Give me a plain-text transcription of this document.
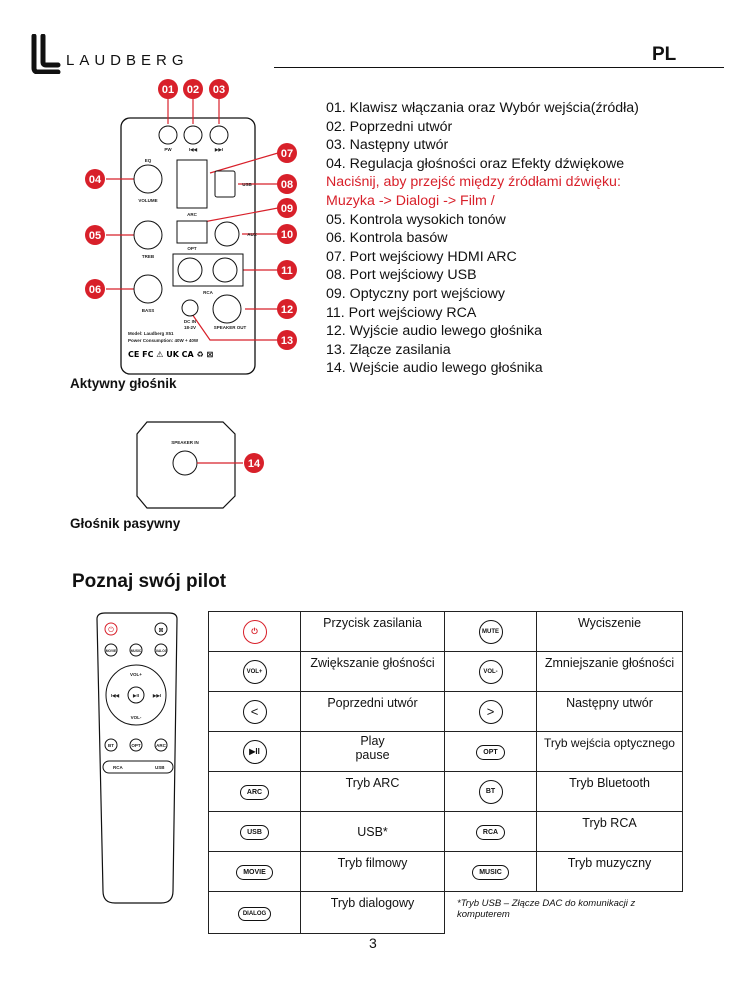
LAUDBERG	PL
PW	I◀◀	▶▶I
EQ
VOLUME
TREB
BASS
ARC
USB
OPT
AUX
RCA
DC IN
18-2V	SPEAKER OUT
Model: Laudberg X51
Power Consumption: 40W + 40W
CE FC ⚠ UK CA ♻ ⊠
01 02 03
04
05
06
07
08
09
10
11
12
13
01. Klawisz włączania oraz Wybór wejścia(źródła)
02. Poprzedni utwór
03. Następny utwór
04. Regulacja głośności oraz Efekty dźwiękowe
Naciśnij, aby przejść między źródłami dźwięku:
Muzyka -> Dialogi -> Film /
05. Kontrola wysokich tonów
06. Kontrola basów
07. Port wejściowy HDMI ARC
08. Port wejściowy USB
09. Optyczny port wejściowy
11. Port wejściowy RCA
12. Wyjście audio lewego głośnika
13. Złącze zasilania
14. Wejście audio lewego głośnika
Aktywny głośnik
SPEAKER IN
14
Głośnik pasywny
Poznaj swój pilot
⏻	⊠
MOVIE	MUSIC	DIALOG
VOL+
VOL-
I◀◀	▶II	▶▶I
BT	OPT	ARC
RCA	USB
⏻	Przycisk zasilania	MUTE	Wyciszenie
VOL+	Zwiększanie głośności	VOL-	Zmniejszanie głośności
<	Poprzedni utwór	>	Następny utwór
▶II	Play
pause	OPT	Tryb wejścia optycznego
ARC	Tryb ARC	BT	Tryb Bluetooth
USB	USB*	RCA	Tryb RCA
MOVIE	Tryb filmowy	MUSIC	Tryb muzyczny
DIALOG	Tryb dialogowy	*Tryb USB – Złącze DAC do komunikacji z komputerem	
3
